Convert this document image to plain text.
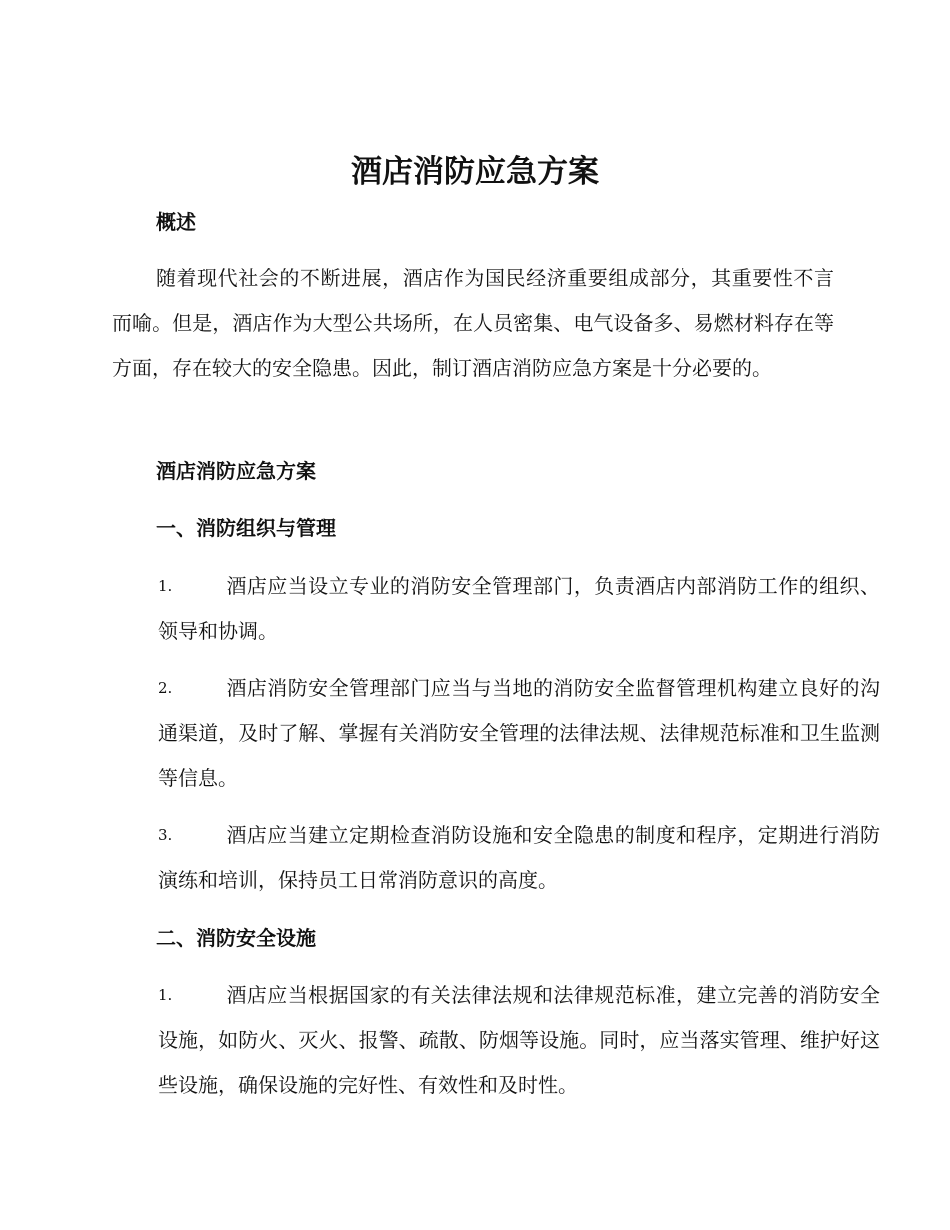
酒店消防应急方案
概述
随着现代社会的不断进展，酒店作为国民经济重要组成部分，其重要性不言而喻。但是，酒店作为大型公共场所，在人员密集、电气设备多、易燃材料存在等方面，存在较大的安全隐患。因此，制订酒店消防应急方案是十分必要的。
酒店消防应急方案
一、消防组织与管理
1.	酒店应当设立专业的消防安全管理部门，负责酒店内部消防工作的组织、领导和协调。
2.	酒店消防安全管理部门应当与当地的消防安全监督管理机构建立良好的沟通渠道，及时了解、掌握有关消防安全管理的法律法规、法律规范标准和卫生监测等信息。
3.	酒店应当建立定期检查消防设施和安全隐患的制度和程序，定期进行消防演练和培训，保持员工日常消防意识的高度。
二、消防安全设施
1.	酒店应当根据国家的有关法律法规和法律规范标准，建立完善的消防安全设施，如防火、灭火、报警、疏散、防烟等设施。同时，应当落实管理、维护好这些设施，确保设施的完好性、有效性和及时性。
